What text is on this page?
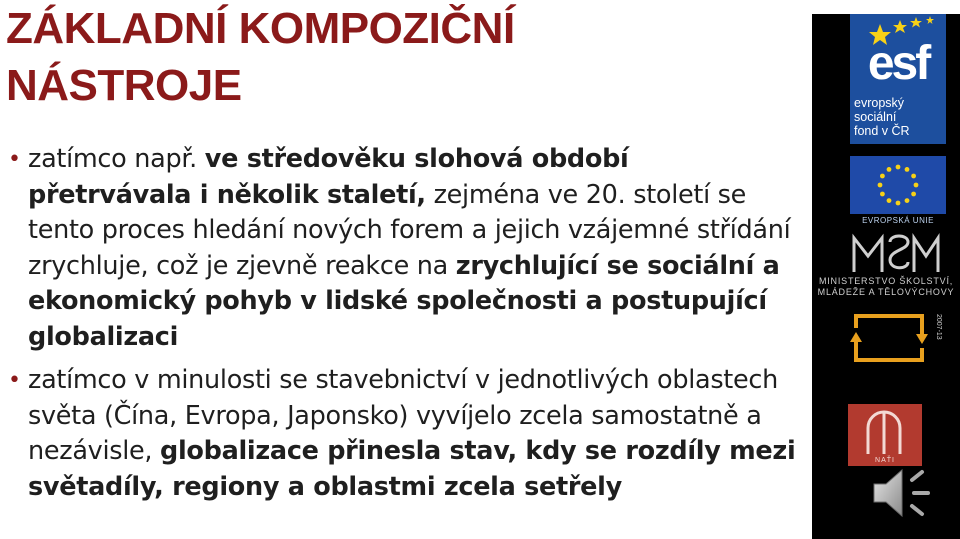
ZÁKLADNÍ KOMPOZIČNÍ
NÁSTROJE
• zatímco např. ve středověku slohová období přetrvávala i několik staletí, zejména ve 20. století se tento proces hledání nových forem a jejich vzájemné střídání zrychluje, což je zjevně reakce na zrychlující se sociální a ekonomický pohyb v lidské společnosti a postupující globalizaci
• zatímco v minulosti se stavebnictví v jednotlivých oblastech světa (Čína, Evropa, Japonsko) vyvíjelo zcela samostatně a nezávisle, globalizace přinesla stav, kdy se rozdíly mezi světadíly, regiony a oblastmi zcela setřely
esf
evropský
sociální
fond v ČR
EVROPSKÁ UNIE
MINISTERSTVO ŠKOLSTVÍ,
MLÁDEŽE A TĚLOVÝCHOVY
2007-13
NAŤI
